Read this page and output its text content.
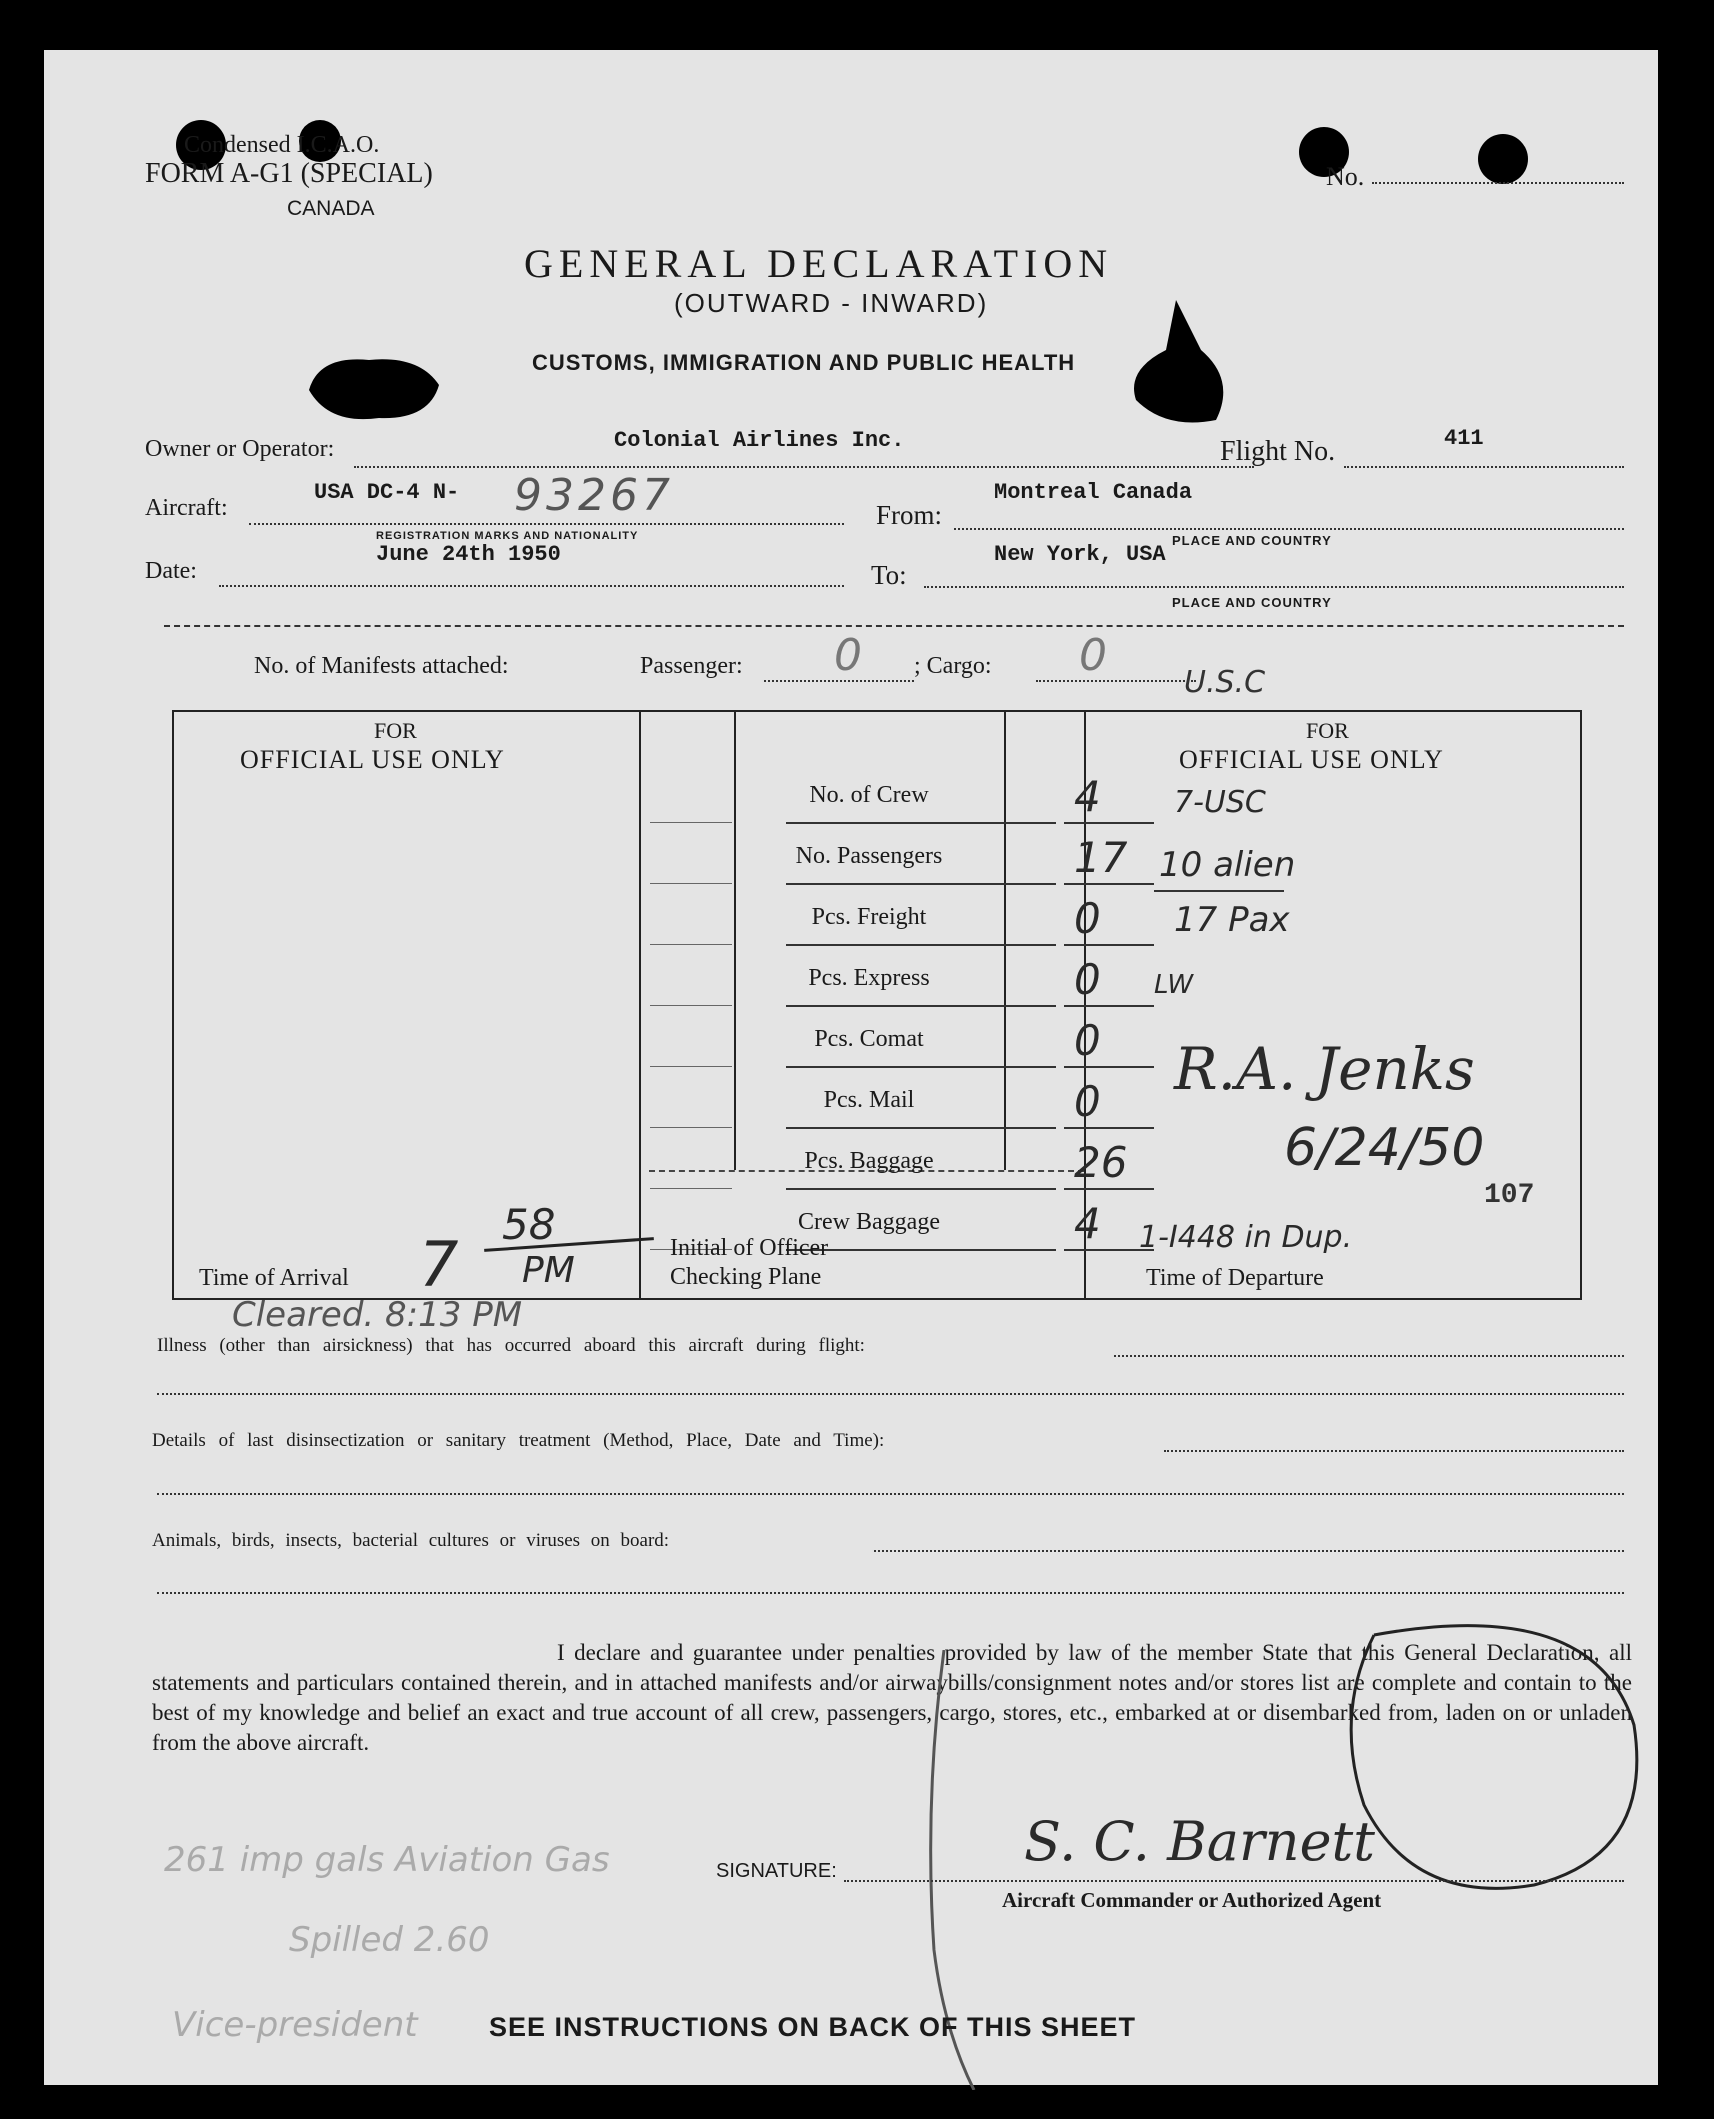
Condensed I.C.A.O.
FORM A-G1 (SPECIAL)
CANADA
No.
GENERAL DECLARATION
(OUTWARD - INWARD)
CUSTOMS, IMMIGRATION AND PUBLIC HEALTH
Owner or Operator:	Colonial Airlines Inc.	Flight No.	411
Aircraft:
USA DC-4 N- 93267
REGISTRATION MARKS AND NATIONALITY
From:
Montreal Canada
PLACE AND COUNTRY
Date:
June 24th 1950
To:
New York, USA
PLACE AND COUNTRY
No. of Manifests attached:	Passenger: 0 ; Cargo: 0
FOR
OFFICIAL USE ONLY
U.S.C
FOR
OFFICIAL USE ONLY
No. of Crew	4
No. Passengers	17
Pcs. Freight	0
Pcs. Express	0
Pcs. Comat	0
Pcs. Mail	0
Pcs. Baggage	26
Crew Baggage	4
7-USC
10 alien
17 Pax
LW
R.A. Jenks
6/24/50
107
1-I448 in Dup.
Time of Arrival 7
58
PM
Initial of Officer
Checking Plane	Time of Departure
Cleared. 8:13 PM
Illness (other than airsickness) that has occurred aboard this aircraft during flight:
Details of last disinsectization or sanitary treatment (Method, Place, Date and Time):
Animals, birds, insects, bacterial cultures or viruses on board:
I declare and guarantee under penalties provided by law of the member State that this General Declaration, all statements and particulars contained therein, and in attached manifests and/or airwaybills/consignment notes and/or stores list are complete and contain to the best of my knowledge and belief an exact and true account of all crew, passengers, cargo, stores, etc., embarked at or disembarked from, laden on or unladen from the above aircraft.
SIGNATURE:	S. C. Barnett
Aircraft Commander or Authorized Agent
261 imp gals Aviation Gas
Spilled 2.60
Vice-president	SEE INSTRUCTIONS ON BACK OF THIS SHEET
